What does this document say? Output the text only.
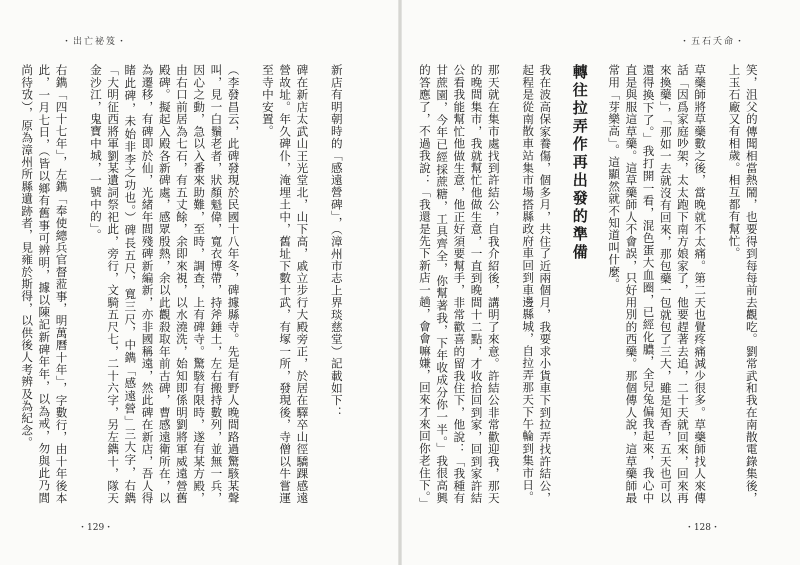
・出亡祕笈・

新店有明朝時的「感遠營碑」，（漳州市志上界琰慈堂）記載如下：

碑在新店太武山王光堂北，山下高，戚立步行大殿旁正，於居在驛卒山徑驕踝感遠營故址。年久碑仆，淹埋土中，舊址下數十武，有塚一所，發現後，寺僧以牛嘗運至寺中安置。

（李發昌云，此碑發現於民國十八年冬，碑據縣寺。先是有野人晚間路過驚駭某聲叫，見一白鬚老者，狀顏魁偉，寬衣博帶，持斧錘土，左右搬持數列，並無一兵，因心之動，急以入番來助難，至時，調查，上有碑寺。驚駭有限時，遂有某方殿，由右口前居為七石，有五丈餘，余即來視，以水澆洗，始知即係明劉將軍威遠營舊殿碑。擬起入殿各新碑處，感眾殷熱，余以此觀殺取年前古碑，曹感遠衛所在，以為遷移，有碑即於仙，光緒年間殘碑新編新，亦非國稱遠，然此碑在新店，吾人得睹此碑，未始非李之功也。）碑長五尺，寬三尺，中鐫「感遠營」三大字，右鐫「大明征西將軍劉某遺詞祭祀此，旁行，文騎五尺七，二十六字，另左鐫十，隊天金沙江，鬼寶中城，一號中的」。

右鐫「四十七年」，左鐫「奉使總兵官督蒞事，明萬曆十年」，字數行，由十年後本此，一月七日，（皆以鄉有舊事可辨明，據以陳記新碑年年，以為戒，勿與此乃閭尚待攷），原為漳州所縣遺跡者，見雍於斯得，以供後人考辨及為紀念。

・129・
・五石夭命・

笑，沮父的傳聞相當熱鬧，也要得到每每前去觀吃。劉常武和我在南散電錄集後，上玉石廠又有相歲。相互都有幫忙。

草藥師將草藥數之後，當晚就不太痛。第二天也覺疼痛減少很多。草藥師找人來傳話「因爲家庭吵架，太太跑下南方娘家了，他要趕著去追，二十天就回來，回來再來換藥」，「那如一去就沒有回來，那包藥一包就包了三大，雖是知香，五天也可以還得換下了。」我打開一看，混色蛋大血圈，已經化膿，全兒兔偏我起來，我心中直是與服這草藥。這草藥師人不會誤，只好用別的西藥。那個傳人說，這草藥師最常用「芽樂高」。這顯然就不知道叫什麼。

轉往拉弄作再出發的準備

我在波高保家養傷，個多月，共住了近兩個月，我要求小貨車下到拉弄找許結公，起程是從南散車站集市場搭縣政府車回到車邊縣城，自拉弄那天下午輪到集市日。

那天就在集市處找到許結公，自我介紹後，講明了來意。許結公非常歡迎我，那天的晚間集市，我就幫忙他做生意，一直到晚間十二點，才收拾回到家，回到家許結公看我能幫忙他做生意，他正好須要幫手，非常歡喜的留我住下，他說：「我種有甘蔗園，今年已經採蔗糖，工具齊全，你幫著我，下年收成分你一半。」我很高興的答應了，不過我說：「我還是先下新店一趟，會會嘛嫌，回來才來回你老住下。」

・128・
